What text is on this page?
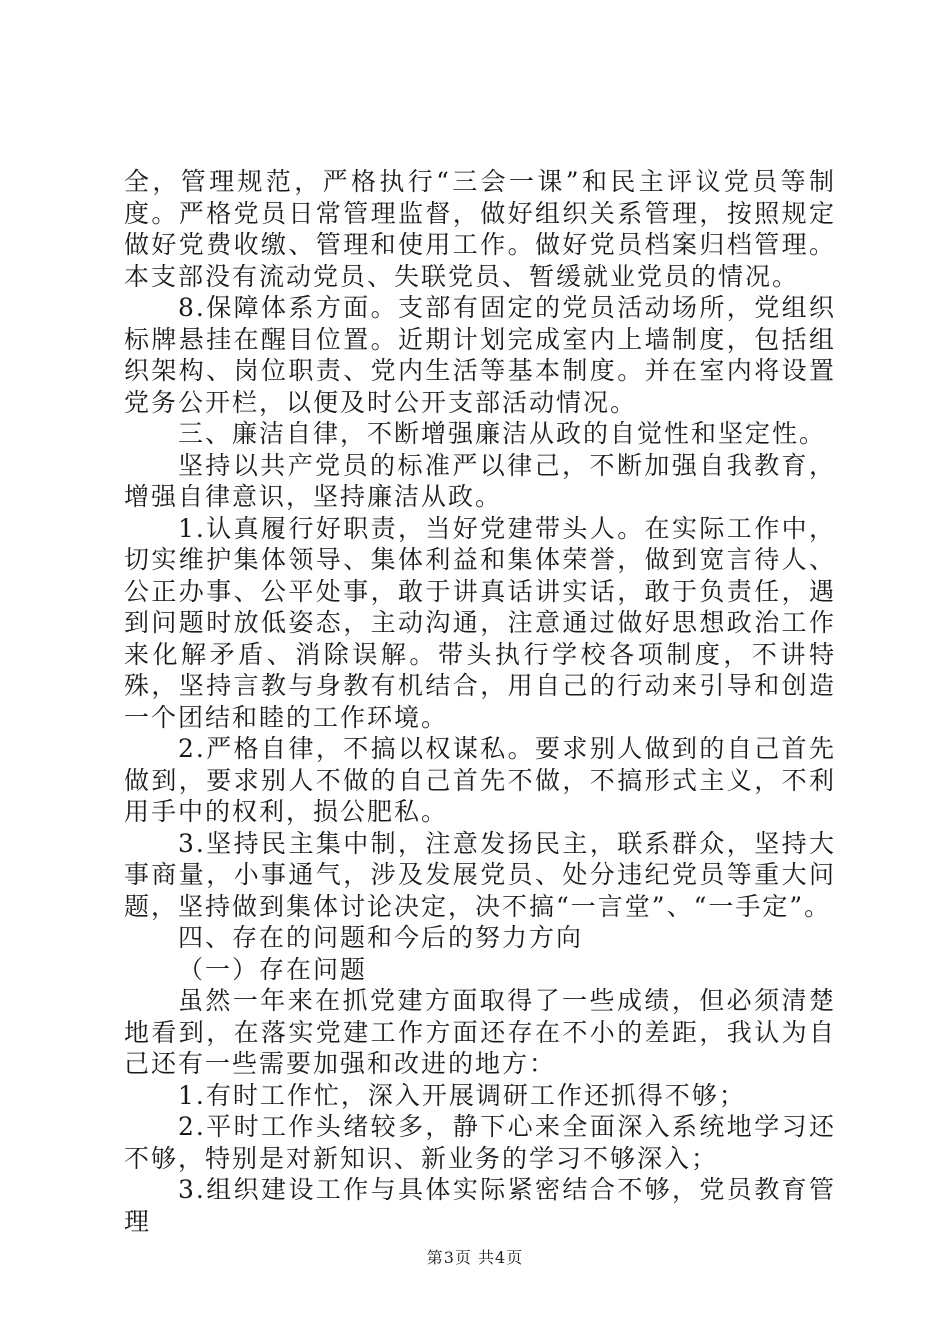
全，管理规范，严格执行“三会一课”和民主评议党员等制度。严格党员日常管理监督，做好组织关系管理，按照规定做好党费收缴、管理和使用工作。做好党员档案归档管理。本支部没有流动党员、失联党员、暂缓就业党员的情况。

8.保障体系方面。支部有固定的党员活动场所，党组织标牌悬挂在醒目位置。近期计划完成室内上墙制度，包括组织架构、岗位职责、党内生活等基本制度。并在室内将设置党务公开栏，以便及时公开支部活动情况。

三、廉洁自律，不断增强廉洁从政的自觉性和坚定性。

坚持以共产党员的标准严以律己，不断加强自我教育，增强自律意识，坚持廉洁从政。

1.认真履行好职责，当好党建带头人。在实际工作中，切实维护集体领导、集体利益和集体荣誉，做到宽言待人、公正办事、公平处事，敢于讲真话讲实话，敢于负责任，遇到问题时放低姿态，主动沟通，注意通过做好思想政治工作来化解矛盾、消除误解。带头执行学校各项制度，不讲特殊，坚持言教与身教有机结合，用自己的行动来引导和创造一个团结和睦的工作环境。

2.严格自律，不搞以权谋私。要求别人做到的自己首先做到，要求别人不做的自己首先不做，不搞形式主义，不利用手中的权利，损公肥私。

3.坚持民主集中制，注意发扬民主，联系群众，坚持大事商量，小事通气，涉及发展党员、处分违纪党员等重大问题，坚持做到集体讨论决定，决不搞“一言堂”、“一手定”。

四、存在的问题和今后的努力方向

（一）存在问题

虽然一年来在抓党建方面取得了一些成绩，但必须清楚地看到，在落实党建工作方面还存在不小的差距，我认为自己还有一些需要加强和改进的地方：

1.有时工作忙，深入开展调研工作还抓得不够；

2.平时工作头绪较多，静下心来全面深入系统地学习还不够，特别是对新知识、新业务的学习不够深入；

3.组织建设工作与具体实际紧密结合不够，党员教育管理

第3页 共4页
